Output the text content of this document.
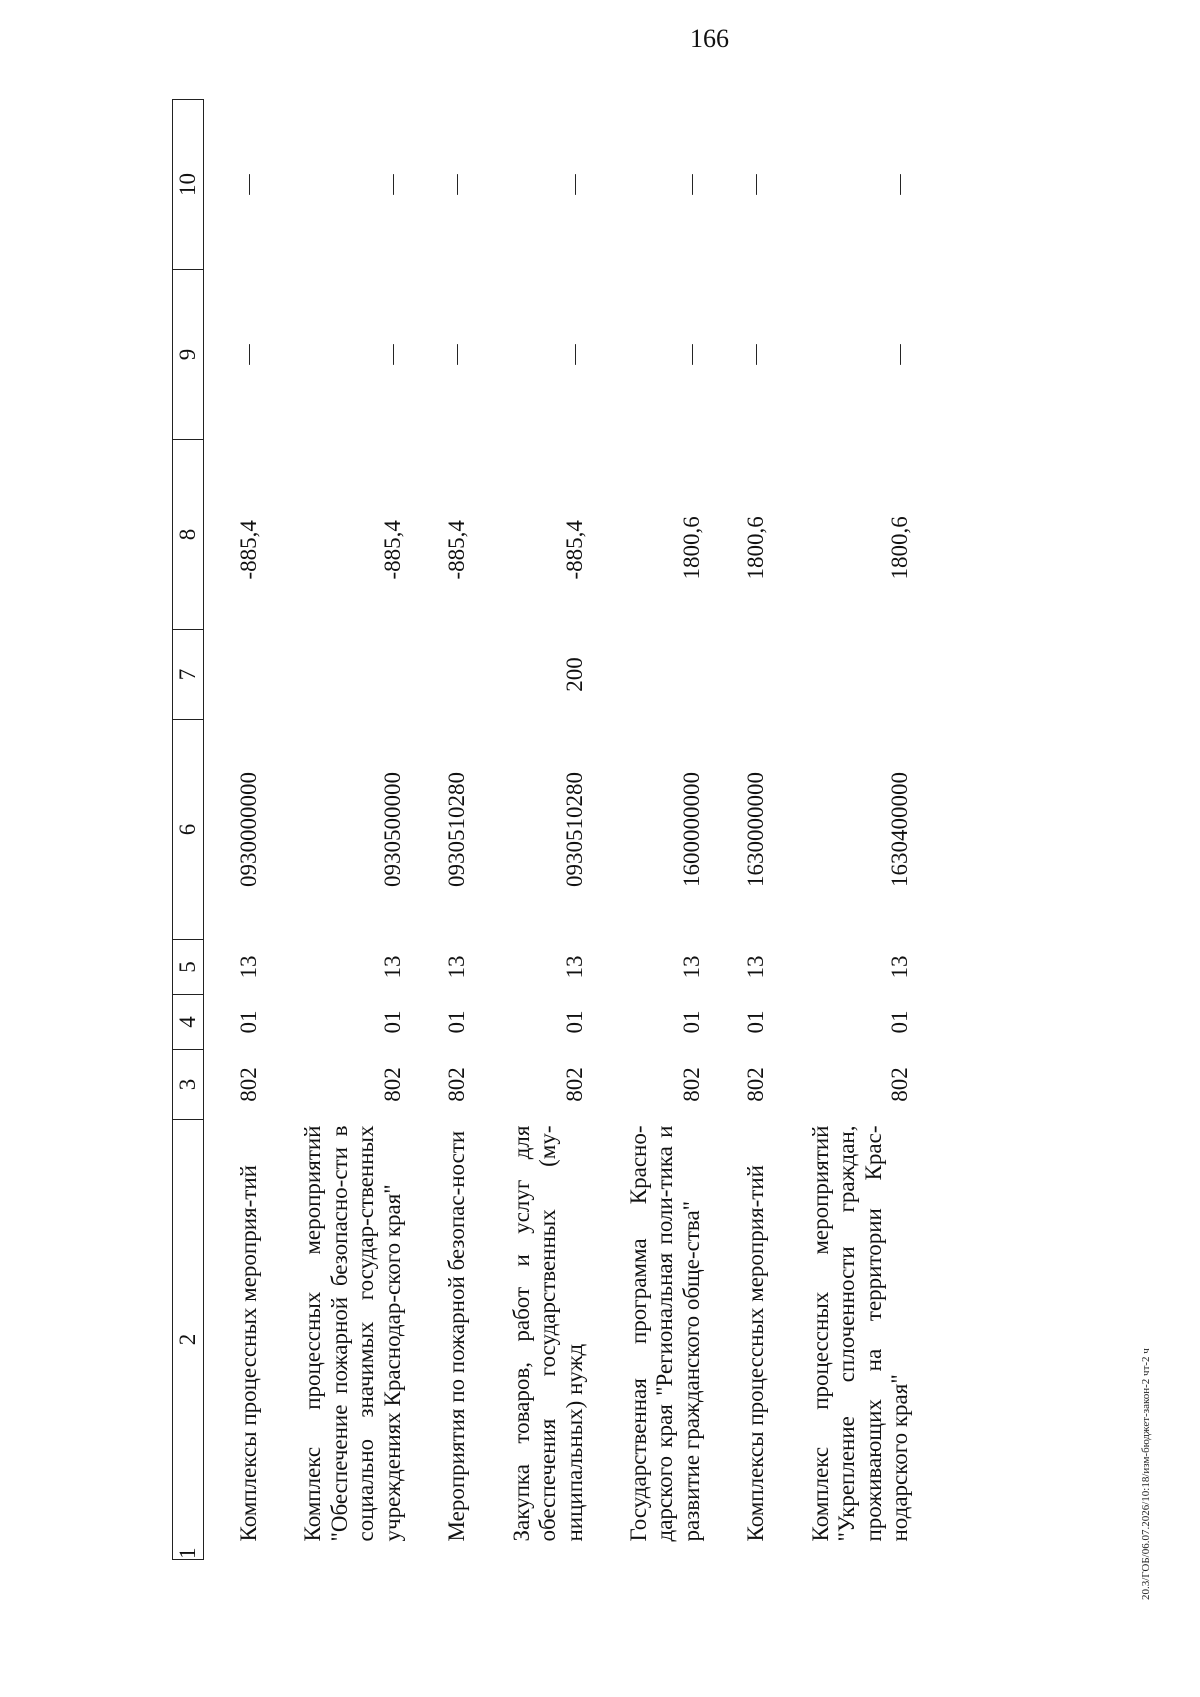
166
1	2	3	4	5	6	7	8	9	10

	Комплексы процессных мероприя-тий	802	01	13	0930000000		-885,4	—	—

	Комплекс процессных мероприятий "Обеспечение пожарной безопасно-сти в социально значимых государ-ственных учреждениях Краснодар-ского края"	802	01	13	0930500000		-885,4	—	—

	Мероприятия по пожарной безопас-ности	802	01	13	0930510280		-885,4	—	—

	Закупка товаров, работ и услуг для обеспечения государственных (му-ниципальных) нужд	802	01	13	0930510280	200	-885,4	—	—

	Государственная программа Красно-дарского края "Региональная поли-тика и развитие гражданского обще-ства"	802	01	13	1600000000		1800,6	—	—

	Комплексы процессных мероприя-тий	802	01	13	1630000000		1800,6	—	—

	Комплекс процессных мероприятий "Укрепление сплоченности граждан, проживающих на территории Крас-нодарского края"	802	01	13	1630400000		1800,6	—	—
20.3/ГОБ/06.07.2026/10:18/изм-бюджет-закон-2 чт-2 ч
